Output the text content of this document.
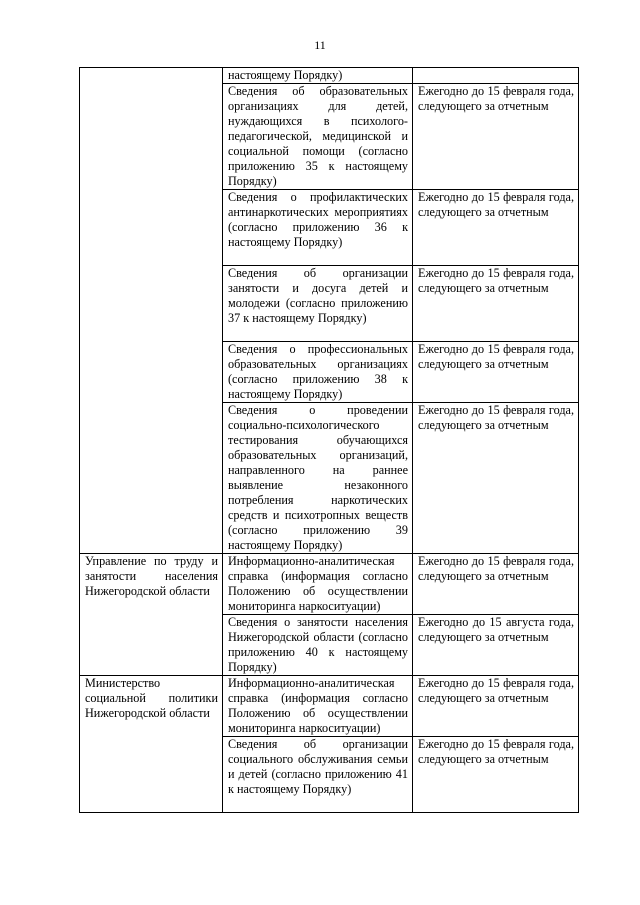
11
	настоящему Порядку)	
	Сведения об образовательных организациях для детей, нуждающихся в психолого-педагогической, медицинской и социальной помощи (согласно приложению 35 к настоящему Порядку)	Ежегодно до 15 февраля года, следующего за отчетным
	Сведения о профилактических антинаркотических мероприятиях (согласно приложению 36 к настоящему Порядку)	Ежегодно до 15 февраля года, следующего за отчетным
	Сведения об организации занятости и досуга детей и молодежи (согласно приложению 37 к настоящему Порядку)	Ежегодно до 15 февраля года, следующего за отчетным
	Сведения о профессиональных образовательных организациях (согласно приложению 38 к настоящему Порядку)	Ежегодно до 15 февраля года, следующего за отчетным
	Сведения о проведении социально-психологического тестирования обучающихся образовательных организаций, направленного на раннее выявление незаконного потребления наркотических средств и психотропных веществ (согласно приложению 39 настоящему Порядку)	Ежегодно до 15 февраля года, следующего за отчетным
Управление по труду и занятости населения Нижегородской области	Информационно-аналитическая справка (информация согласно Положению об осуществлении мониторинга наркоситуации)	Ежегодно до 15 февраля года, следующего за отчетным
	Сведения о занятости населения Нижегородской области (согласно приложению 40 к настоящему Порядку)	Ежегодно до 15 августа года, следующего за отчетным
Министерство социальной политики Нижегородской области	Информационно-аналитическая справка (информация согласно Положению об осуществлении мониторинга наркоситуации)	Ежегодно до 15 февраля года, следующего за отчетным
	Сведения об организации социального обслуживания семьи и детей (согласно приложению 41 к настоящему Порядку)	Ежегодно до 15 февраля года, следующего за отчетным
